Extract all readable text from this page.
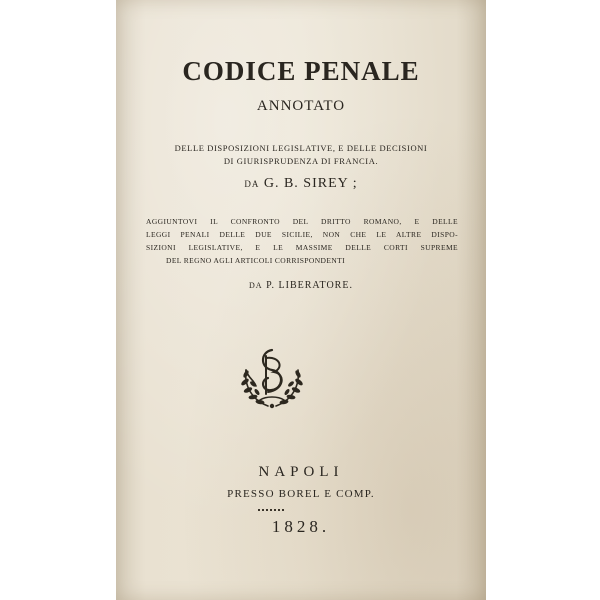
CODICE PENALE
ANNOTATO
DELLE DISPOSIZIONI LEGISLATIVE, E DELLE DECISIONI
DI GIURISPRUDENZA DI FRANCIA.
DA G. B. SIREY ;
AGGIUNTOVI IL CONFRONTO DEL DRITTO ROMANO, E DELLE
LEGGI PENALI DELLE DUE SICILIE, NON CHE LE ALTRE DISPO-
SIZIONI LEGISLATIVE, E LE MASSIME DELLE CORTI SUPREME
DEL REGNO AGLI ARTICOLI CORRISPONDENTI
DA P. LIBERATORE.
NAPOLI
PRESSO BOREL E COMP.
1828.
